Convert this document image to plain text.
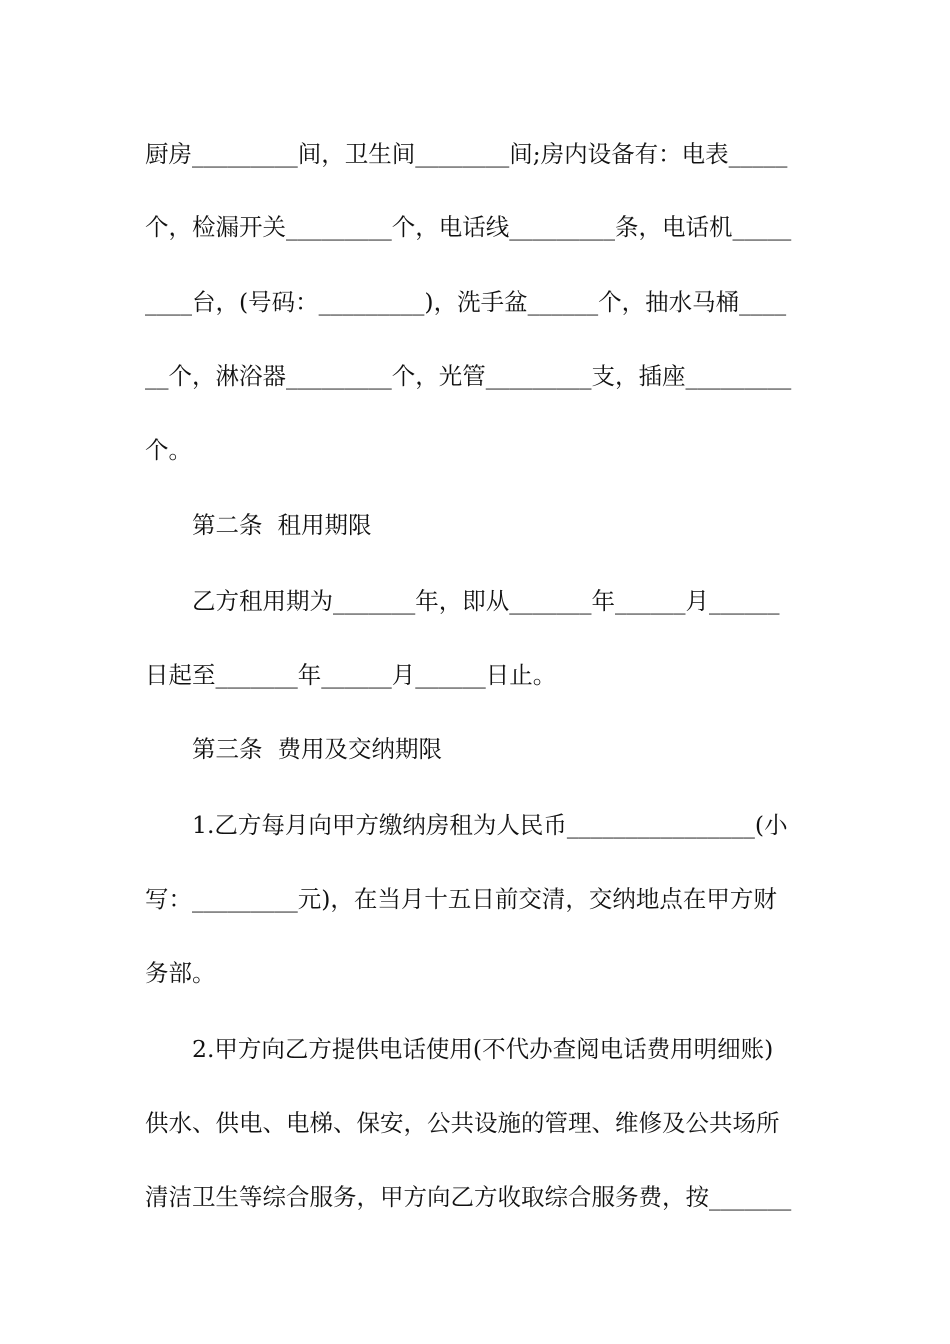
厨房_________间，卫生间________间;房内设备有：电表_____
个，检漏开关_________个，电话线_________条，电话机_____
____台，(号码：_________)，洗手盆______个，抽水马桶____
__个，淋浴器_________个，光管_________支，插座_________
个。
第二条  租用期限
乙方租用期为_______年，即从_______年______月______
日起至_______年______月______日止。
第三条  费用及交纳期限
1.乙方每月向甲方缴纳房租为人民币________________(小
写：_________元)，在当月十五日前交清，交纳地点在甲方财
务部。
2.甲方向乙方提供电话使用(不代办查阅电话费用明细账)
供水、供电、电梯、保安，公共设施的管理、维修及公共场所
清洁卫生等综合服务，甲方向乙方收取综合服务费，按_______
